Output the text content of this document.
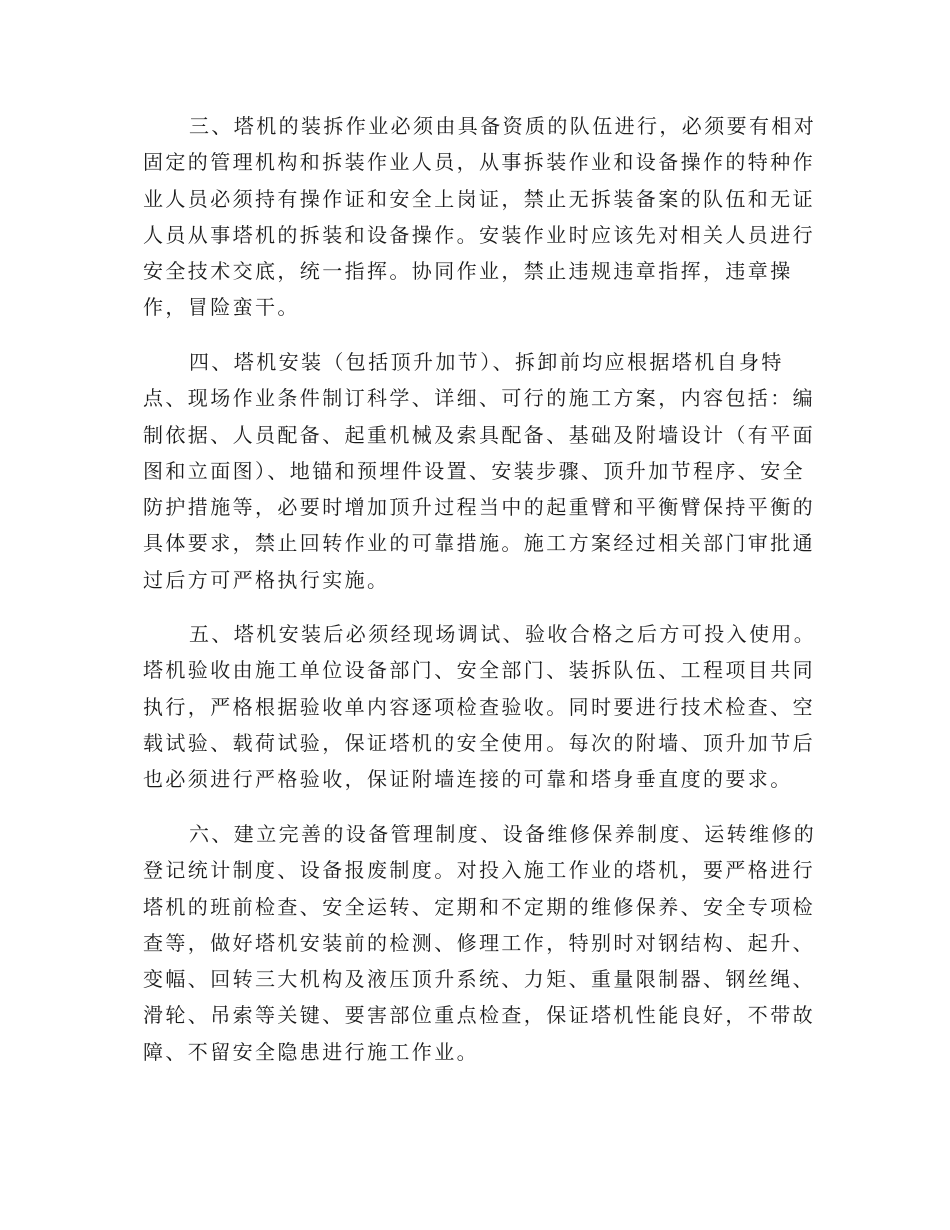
三、塔机的装拆作业必须由具备资质的队伍进行，必须要有相对
固定的管理机构和拆装作业人员，从事拆装作业和设备操作的特种作
业人员必须持有操作证和安全上岗证，禁止无拆装备案的队伍和无证
人员从事塔机的拆装和设备操作。安装作业时应该先对相关人员进行
安全技术交底，统一指挥。协同作业，禁止违规违章指挥，违章操
作，冒险蛮干。
四、塔机安装（包括顶升加节）、拆卸前均应根据塔机自身特
点、现场作业条件制订科学、详细、可行的施工方案，内容包括：编
制依据、人员配备、起重机械及索具配备、基础及附墙设计（有平面
图和立面图）、地锚和预埋件设置、安装步骤、顶升加节程序、安全
防护措施等，必要时增加顶升过程当中的起重臂和平衡臂保持平衡的
具体要求，禁止回转作业的可靠措施。施工方案经过相关部门审批通
过后方可严格执行实施。
五、塔机安装后必须经现场调试、验收合格之后方可投入使用。
塔机验收由施工单位设备部门、安全部门、装拆队伍、工程项目共同
执行，严格根据验收单内容逐项检查验收。同时要进行技术检查、空
载试验、载荷试验，保证塔机的安全使用。每次的附墙、顶升加节后
也必须进行严格验收，保证附墙连接的可靠和塔身垂直度的要求。
六、建立完善的设备管理制度、设备维修保养制度、运转维修的
登记统计制度、设备报废制度。对投入施工作业的塔机，要严格进行
塔机的班前检查、安全运转、定期和不定期的维修保养、安全专项检
查等，做好塔机安装前的检测、修理工作，特别时对钢结构、起升、
变幅、回转三大机构及液压顶升系统、力矩、重量限制器、钢丝绳、
滑轮、吊索等关键、要害部位重点检查，保证塔机性能良好，不带故
障、不留安全隐患进行施工作业。
